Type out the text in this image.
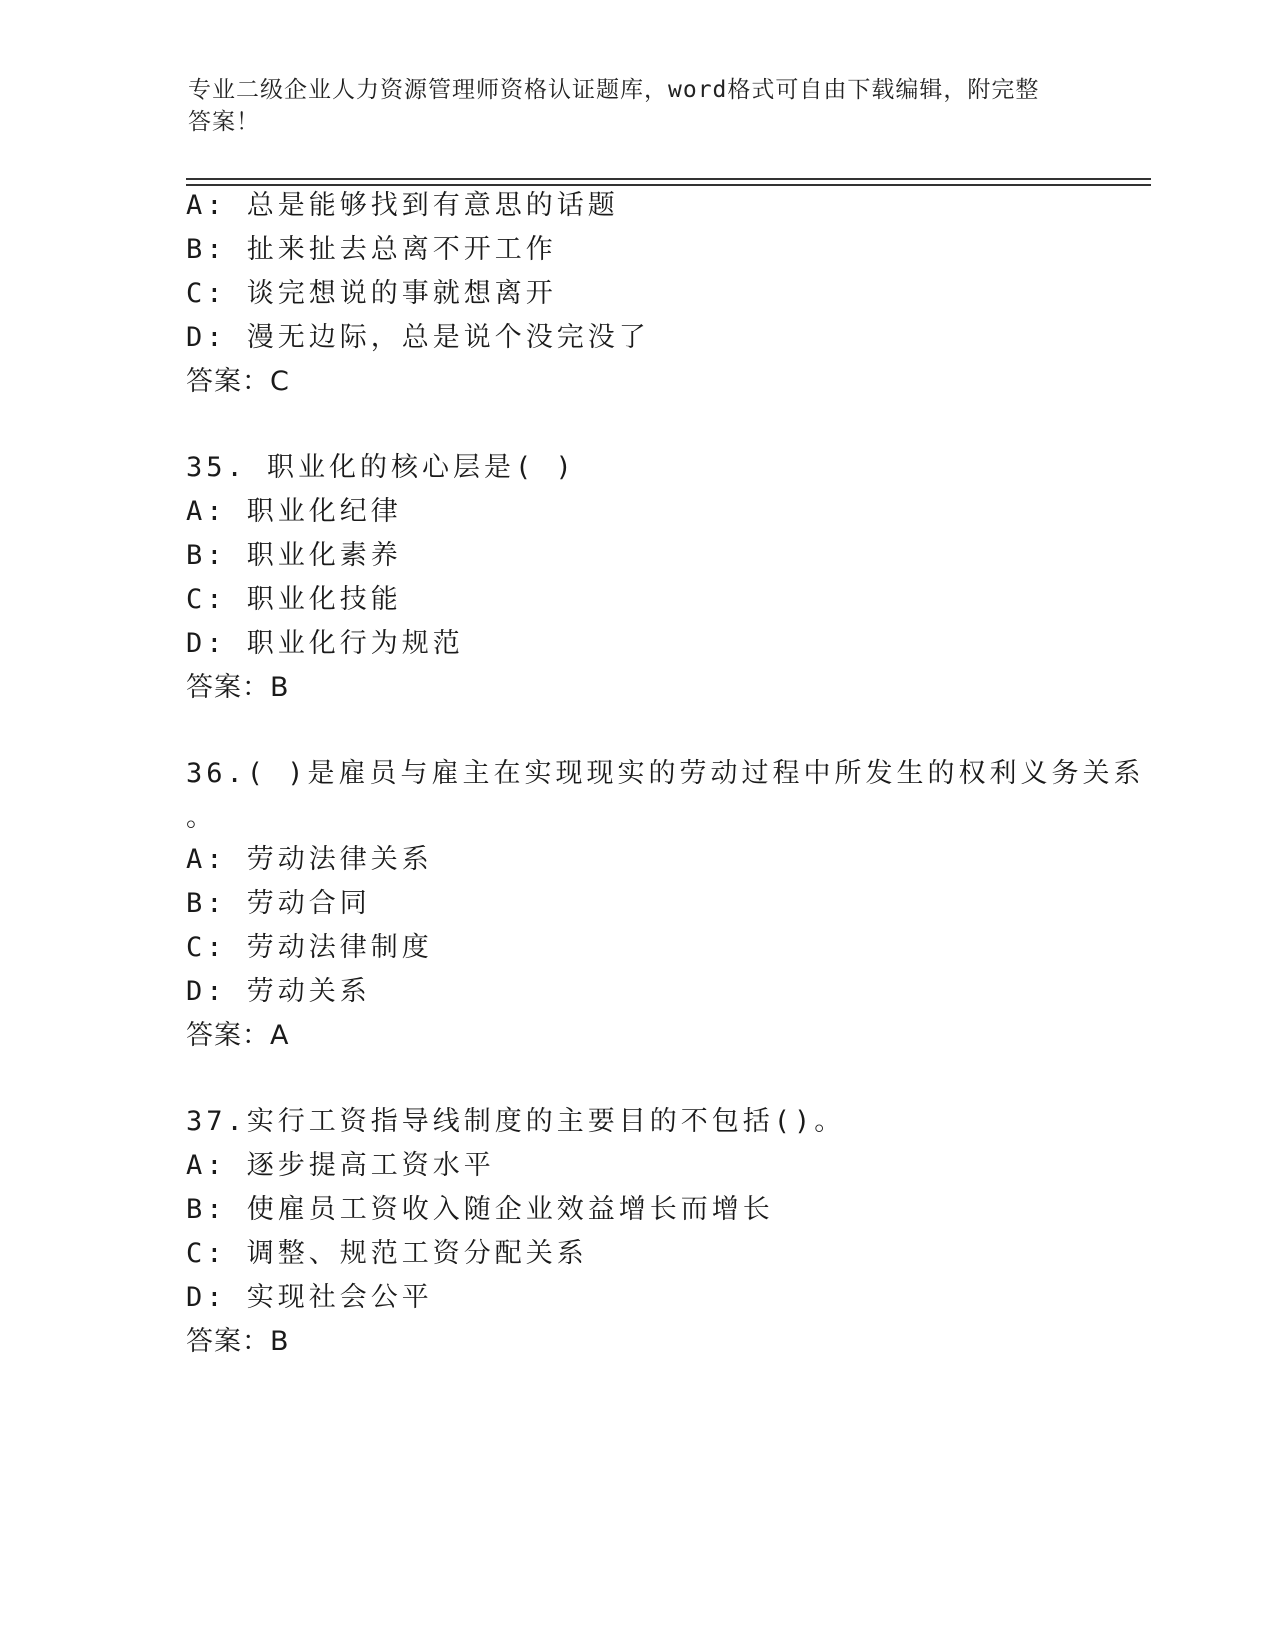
专业二级企业人力资源管理师资格认证题库，word格式可自由下载编辑，附完整
答案！
A: 总是能够找到有意思的话题
B: 扯来扯去总离不开工作
C: 谈完想说的事就想离开
D: 漫无边际，总是说个没完没了
答案：C
35. 职业化的核心层是( )
A: 职业化纪律
B: 职业化素养
C: 职业化技能
D: 职业化行为规范
答案：B
36.( )是雇员与雇主在实现现实的劳动过程中所发生的权利义务关系
。
A: 劳动法律关系
B: 劳动合同
C: 劳动法律制度
D: 劳动关系
答案：A
37.实行工资指导线制度的主要目的不包括()。
A: 逐步提高工资水平
B: 使雇员工资收入随企业效益增长而增长
C: 调整、规范工资分配关系
D: 实现社会公平
答案：B
